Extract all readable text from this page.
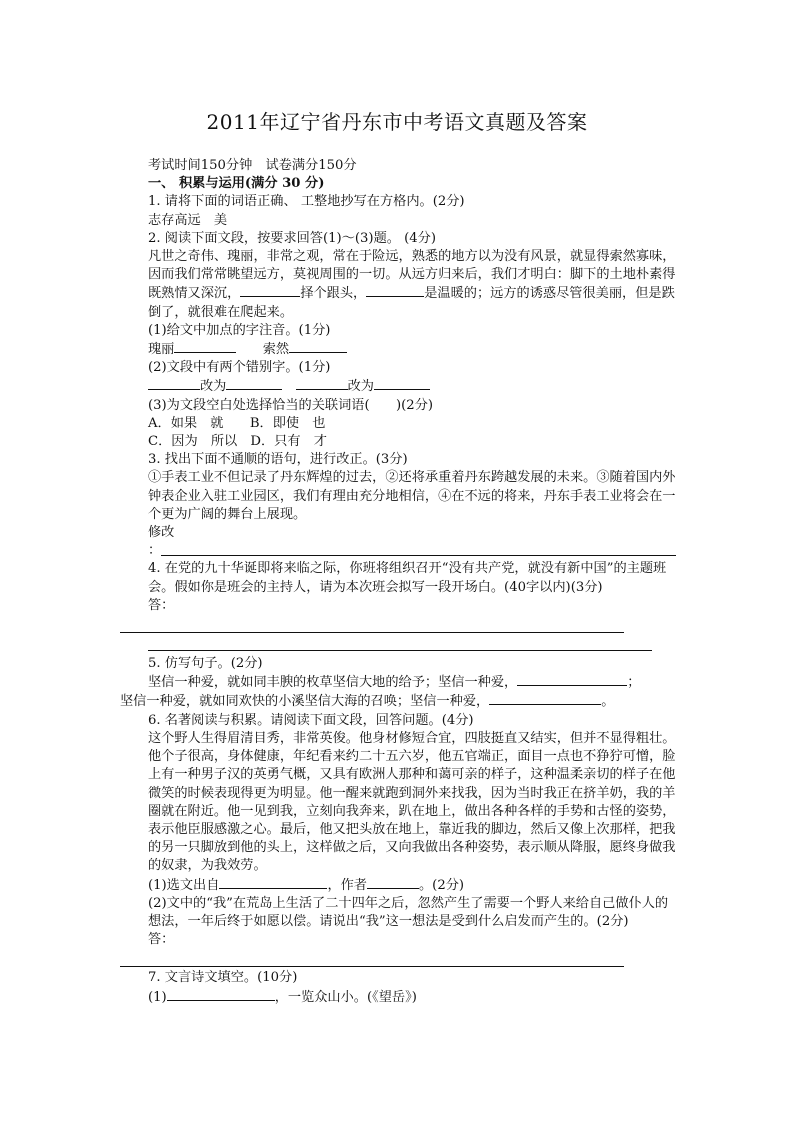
2011年辽宁省丹东市中考语文真题及答案

考试时间150分钟　试卷满分150分

一、 积累与运用(满分 30 分)

1. 请将下面的词语正确、 工整地抄写在方格内。(2分)

志存高远　美

2. 阅读下面文段，按要求回答(1)～(3)题。 (4分)

凡世之奇伟、瑰丽，非常之观，常在于险远，熟悉的地方以为没有风景，就显得索然寡味，因而我们常常眺望远方，莫视周围的一切。从远方归来后，我们才明白：脚下的土地朴素得既熟情又深沉，	择个跟头，	是温暖的；远方的诱惑尽管很美丽，但是跌倒了，就很难在爬起来。

(1)给文中加点的字注音。(1分)

瑰丽　　	索然

(2)文段中有两个错别字。(1分)

改为　	改为

(3)为文段空白处选择恰当的关联词语(　　)(2分)

A．如果　就　　B．即使　也

C．因为　所以　D．只有　才

3. 找出下面不通顺的语句，进行改正。(3分)

①手表工业不但记录了丹东辉煌的过去，②还将承重着丹东跨越发展的未来。③随着国内外钟表企业入驻工业园区，我们有理由充分地相信，④在不远的将来，丹东手表工业将会在一个更为广阔的舞台上展现。

修改

：

4. 在党的九十华诞即将来临之际，你班将组织召开“没有共产党，就没有新中国”的主题班会。假如你是班会的主持人，请为本次班会拟写一段开场白。(40字以内)(3分)

答：

5. 仿写句子。(2分)

坚信一种爱，就如同丰腴的枚草坚信大地的给予；坚信一种爱，	；

坚信一种爱，就如同欢快的小溪坚信大海的召唤；坚信一种爱，	。

6. 名著阅读与积累。请阅读下面文段，回答问题。(4分)

这个野人生得眉清目秀，非常英俊。他身材修短合宜，四肢挺直又结实，但并不显得粗壮。他个子很高，身体健康，年纪看来约二十五六岁，他五官端正，面目一点也不狰狞可憎，脸上有一种男子汉的英勇气概，又具有欧洲人那种和蔼可亲的样子，这种温柔亲切的样子在他微笑的时候表现得更为明显。他一醒来就跑到洞外来找我，因为当时我正在挤羊奶，我的羊圈就在附近。他一见到我，立刻向我奔来，趴在地上，做出各种各样的手势和古怪的姿势，表示他臣服感激之心。最后，他又把头放在地上，靠近我的脚边，然后又像上次那样，把我的另一只脚放到他的头上，这样做之后，又向我做出各种姿势，表示顺从降服，愿终身做我的奴隶，为我效劳。

(1)选文出自	，作者	。(2分)

(2)文中的“我”在荒岛上生活了二十四年之后，忽然产生了需要一个野人来给自己做仆人的想法，一年后终于如愿以偿。请说出“我”这一想法是受到什么启发而产生的。(2分)

答：

7. 文言诗文填空。(10分)

(1)	，一览众山小。(《望岳》)
